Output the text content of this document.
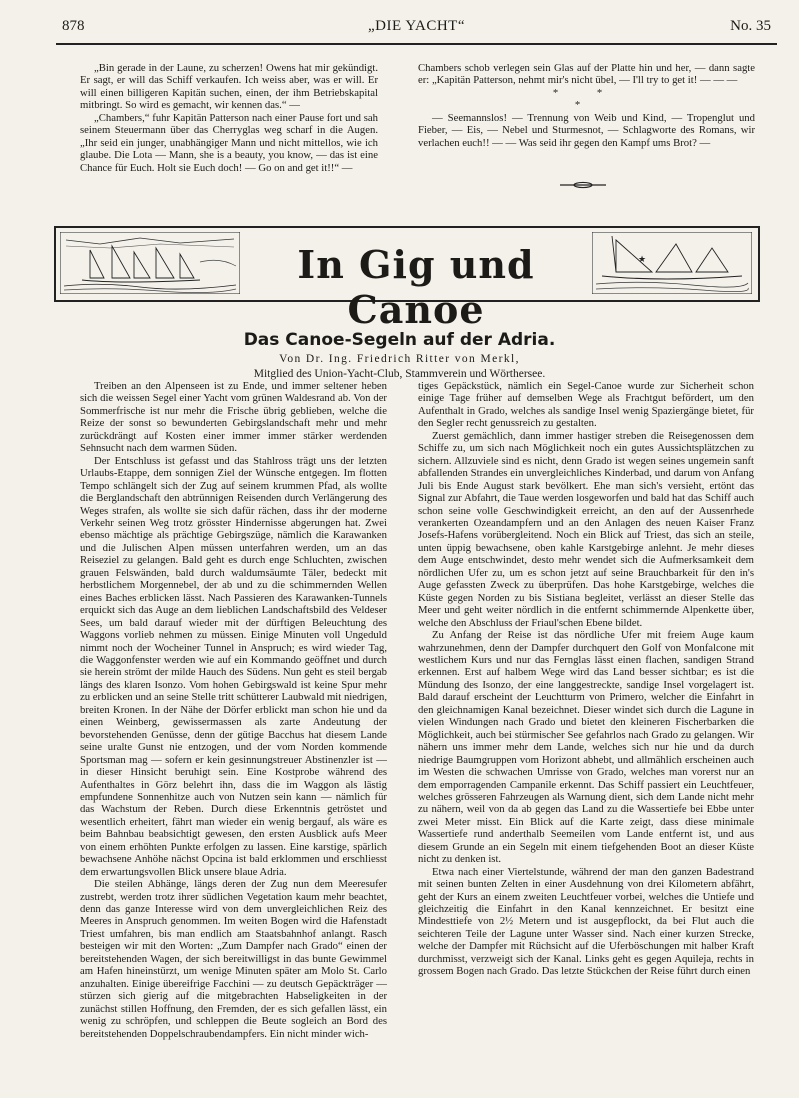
878	„DIE YACHT“	No. 35

„Bin gerade in der Laune, zu scherzen! Owens hat mir gekündigt. Er sagt, er will das Schiff verkaufen. Ich weiss aber, was er will. Er will einen billigeren Kapitän suchen, einen, der ihm Betriebskapital mitbringt. So wird es gemacht, wir kennen das.“ —

„Chambers,“ fuhr Kapitän Patterson nach einer Pause fort und sah seinem Steuermann über das Cherryglas weg scharf in die Augen. „Ihr seid ein junger, unabhängiger Mann und nicht mittellos, wie ich glaube. Die Lota — Mann, she is a beauty, you know, — das ist eine Chance für Euch. Holt sie Euch doch! — Go on and get it!!“ —

Chambers schob verlegen sein Glas auf der Platte hin und her, — dann sagte er: „Kapitän Patterson, nehmt mir's nicht übel, — I'll try to get it! — — —

* *

*

— Seemannslos! — Trennung von Weib und Kind, — Tropenglut und Fieber, — Eis, — Nebel und Sturmesnot, — Schlagworte des Romans, wir verlachen euch!! — — Was seid ihr gegen den Kampf ums Brot? —

In Gig und Canoe
★
Das Canoe-Segeln auf der Adria.
Von Dr. Ing. Friedrich Ritter von Merkl,
Mitglied des Union-Yacht-Club, Stammverein und Wörthersee.

Treiben an den Alpenseen ist zu Ende, und immer seltener heben sich die weissen Segel einer Yacht vom grünen Waldesrand ab. Von der Sommerfrische ist nur mehr die Frische übrig geblieben, welche die Reize der sonst so bewunderten Gebirgslandschaft mehr und mehr zurückdrängt auf Kosten einer immer immer stärker werdenden Sehnsucht nach dem warmen Süden.

Der Entschluss ist gefasst und das Stahlross trägt uns der letzten Urlaubs-Etappe, dem sonnigen Ziel der Wünsche entgegen. Im flotten Tempo schlängelt sich der Zug auf seinem krummen Pfad, als wollte die Berglandschaft den abtrünnigen Reisenden durch Verlängerung des Weges strafen, als wollte sie sich dafür rächen, dass ihr der moderne Verkehr seinen Weg trotz grösster Hindernisse abgerungen hat. Zwei ebenso mächtige als prächtige Gebirgszüge, nämlich die Karawanken und die Julischen Alpen müssen unterfahren werden, um an das Reiseziel zu gelangen. Bald geht es durch enge Schluchten, zwischen grauen Felswänden, bald durch waldumsäumte Täler, bedeckt mit herbstlichem Morgennebel, der ab und zu die schimmernden Wellen eines Baches erblicken lässt. Nach Passieren des Karawanken-Tunnels erquickt sich das Auge an dem lieblichen Landschaftsbild des Veldeser Sees, um bald darauf wieder mit der dürftigen Beleuchtung des Waggons vorlieb nehmen zu müssen. Einige Minuten voll Ungeduld nimmt noch der Wocheiner Tunnel in Anspruch; es wird wieder Tag, die Waggonfenster werden wie auf ein Kommando geöffnet und durch sie herein strömt der milde Hauch des Südens. Nun geht es steil bergab längs des klaren Isonzo. Vom hohen Gebirgswald ist keine Spur mehr zu erblicken und an seine Stelle tritt schütterer Laubwald mit niedrigen, breiten Kronen. In der Nähe der Dörfer erblickt man schon hie und da einen Weinberg, gewissermassen als zarte Andeutung der bevorstehenden Genüsse, denn der gütige Bacchus hat diesem Lande seine uralte Gunst nie entzogen, und der vom Norden kommende Sportsman mag — sofern er kein gesinnungstreuer Abstinenzler ist — in dieser Hinsicht beruhigt sein. Eine Kostprobe während des Aufenthaltes in Görz belehrt ihn, dass die im Waggon als lästig empfundene Sonnenhitze auch von Nutzen sein kann — nämlich für das Wachstum der Reben. Durch diese Erkenntnis getröstet und wesentlich erheitert, fährt man wieder ein wenig bergauf, als wäre es beim Bahnbau beabsichtigt gewesen, den ersten Ausblick aufs Meer von einem erhöhten Punkte erfolgen zu lassen. Eine karstige, spärlich bewachsene Anhöhe nächst Opcina ist bald erklommen und erschliesst dem erwartungsvollen Blick unsere blaue Adria.

Die steilen Abhänge, längs deren der Zug nun dem Meeresufer zustrebt, werden trotz ihrer südlichen Vegetation kaum mehr beachtet, denn das ganze Interesse wird von dem unvergleichlichen Reiz des Meeres in Anspruch genommen. Im weiten Bogen wird die Hafenstadt Triest umfahren, bis man endlich am Staatsbahnhof anlangt. Rasch besteigen wir mit den Worten: „Zum Dampfer nach Grado“ einen der bereitstehenden Wagen, der sich bereitwilligst in das bunte Gewimmel am Hafen hineinstürzt, um wenige Minuten später am Molo St. Carlo anzuhalten. Einige übereifrige Facchini — zu deutsch Gepäckträger — stürzen sich gierig auf die mitgebrachten Habseligkeiten in der zunächst stillen Hoffnung, den Fremden, der es sich gefallen lässt, ein wenig zu schröpfen, und schleppen die Beute sogleich an Bord des bereitstehenden Doppelschraubendampfers. Ein nicht minder wich-

tiges Gepäckstück, nämlich ein Segel-Canoe wurde zur Sicherheit schon einige Tage früher auf demselben Wege als Frachtgut befördert, um den Aufenthalt in Grado, welches als sandige Insel wenig Spaziergänge bietet, für den Segler recht genussreich zu gestalten.

Zuerst gemächlich, dann immer hastiger streben die Reisegenossen dem Schiffe zu, um sich nach Möglichkeit noch ein gutes Aussichtsplätzchen zu sichern. Allzuviele sind es nicht, denn Grado ist wegen seines ungemein sanft abfallenden Strandes ein unvergleichliches Kinderbad, und darum von Anfang Juli bis Ende August stark bevölkert. Ehe man sich's versieht, ertönt das Signal zur Abfahrt, die Taue werden losgeworfen und bald hat das Schiff auch schon seine volle Geschwindigkeit erreicht, an den auf der Aussenrhede verankerten Ozeandampfern und an den Anlagen des neuen Kaiser Franz Josefs-Hafens vorübergleitend. Noch ein Blick auf Triest, das sich an steile, unten üppig bewachsene, oben kahle Karstgebirge anlehnt. Je mehr dieses dem Auge entschwindet, desto mehr wendet sich die Aufmerksamkeit dem nördlichen Ufer zu, um es schon jetzt auf seine Brauchbarkeit für den in's Auge gefassten Zweck zu überprüfen. Das hohe Karstgebirge, welches die Küste gegen Norden zu bis Sistiana begleitet, verlässt an dieser Stelle das Meer und geht weiter nördlich in die entfernt schimmernde Alpenkette über, welche den Abschluss der Friaul'schen Ebene bildet.

Zu Anfang der Reise ist das nördliche Ufer mit freiem Auge kaum wahrzunehmen, denn der Dampfer durchquert den Golf von Monfalcone mit westlichem Kurs und nur das Fernglas lässt einen flachen, sandigen Strand erkennen. Erst auf halbem Wege wird das Land besser sichtbar; es ist die Mündung des Isonzo, der eine langgestreckte, sandige Insel vorgelagert ist. Bald darauf erscheint der Leuchtturm von Primero, welcher die Einfahrt in den gleichnamigen Kanal bezeichnet. Dieser windet sich durch die Lagune in vielen Windungen nach Grado und bietet den kleineren Fischerbarken die Möglichkeit, auch bei stürmischer See gefahrlos nach Grado zu gelangen. Wir nähern uns immer mehr dem Lande, welches sich nur hie und da durch niedrige Baumgruppen vom Horizont abhebt, und allmählich erscheinen auch im Westen die schwachen Umrisse von Grado, welches man vorerst nur an dem emporragenden Campanile erkennt. Das Schiff passiert ein Leuchtfeuer, welches grösseren Fahrzeugen als Warnung dient, sich dem Lande nicht mehr zu nähern, weil von da ab gegen das Land zu die Wassertiefe bei Ebbe unter zwei Meter misst. Ein Blick auf die Karte zeigt, dass diese minimale Wassertiefe rund anderthalb Seemeilen vom Lande entfernt ist, und aus diesem Grunde an ein Segeln mit einem tiefgehenden Boot an dieser Küste nicht zu denken ist.

Etwa nach einer Viertelstunde, während der man den ganzen Badestrand mit seinen bunten Zelten in einer Ausdehnung von drei Kilometern abfährt, geht der Kurs an einem zweiten Leuchtfeuer vorbei, welches die Untiefe und gleichzeitig die Einfahrt in den Kanal kennzeichnet. Er besitzt eine Mindesttiefe von 2½ Metern und ist ausgepflockt, da bei Flut auch die seichteren Teile der Lagune unter Wasser sind. Nach einer kurzen Strecke, welche der Dampfer mit Rüchsicht auf die Uferböschungen mit halber Kraft durchmisst, verzweigt sich der Kanal. Links geht es gegen Aquileja, rechts in grossem Bogen nach Grado. Das letzte Stückchen der Reise führt durch einen
